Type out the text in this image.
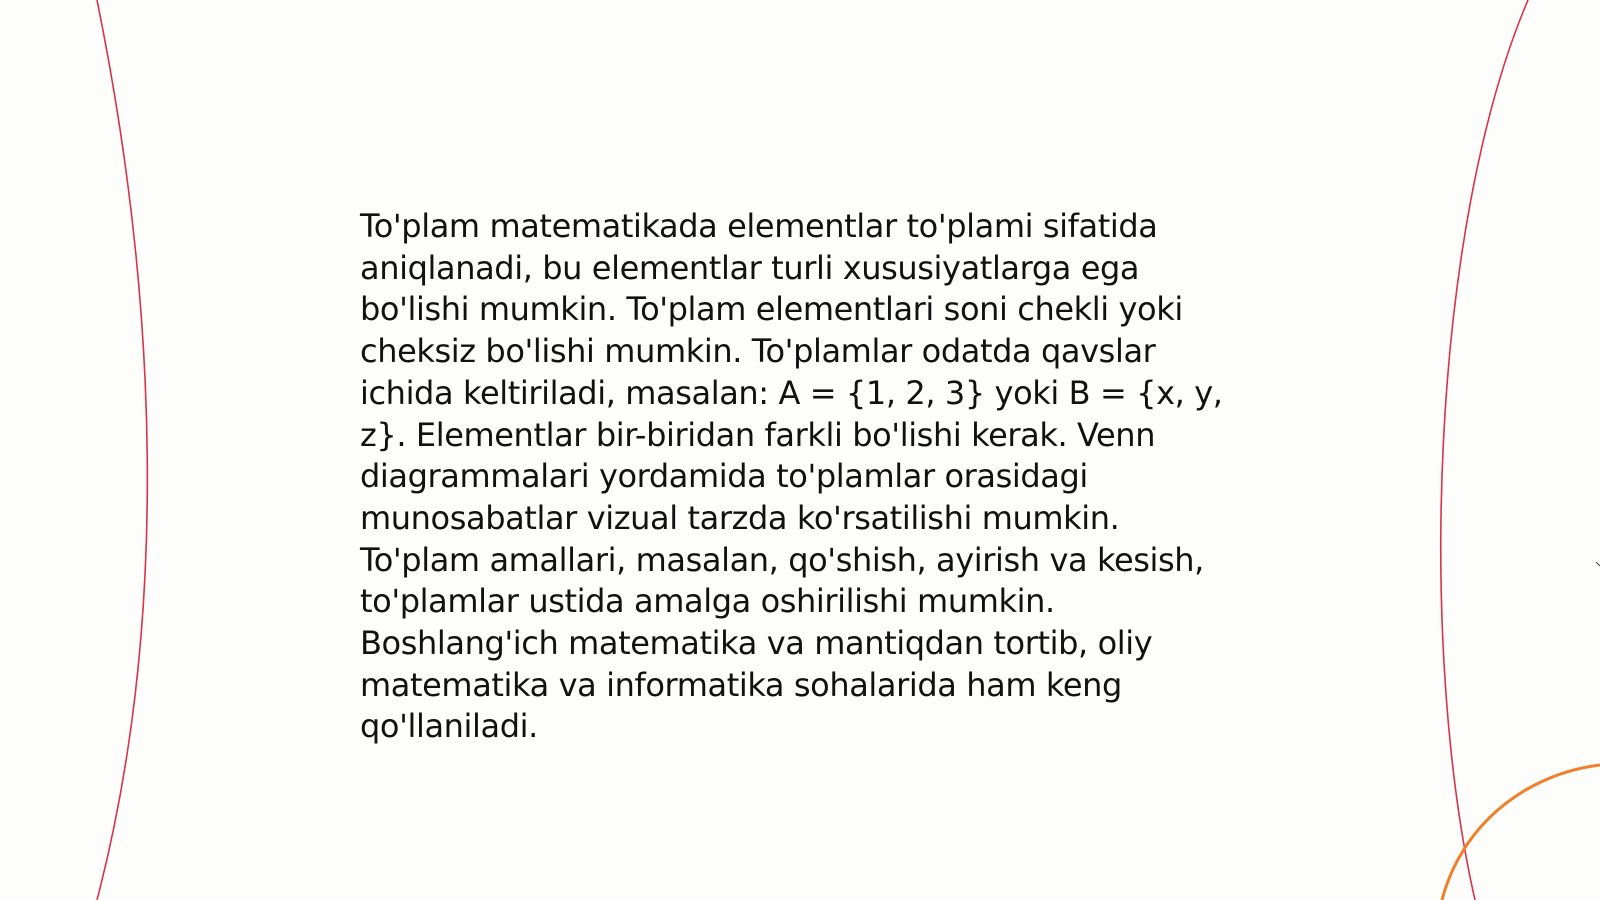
To'plam matematikada elementlar to'plami sifatida
aniqlanadi, bu elementlar turli xususiyatlarga ega
bo'lishi mumkin. To'plam elementlari soni chekli yoki
cheksiz bo'lishi mumkin. To'plamlar odatda qavslar
ichida keltiriladi, masalan: A = {1, 2, 3} yoki B = {x, y,
z}. Elementlar bir-biridan farkli bo'lishi kerak. Venn
diagrammalari yordamida to'plamlar orasidagi
munosabatlar vizual tarzda ko'rsatilishi mumkin.
To'plam amallari, masalan, qo'shish, ayirish va kesish,
to'plamlar ustida amalga oshirilishi mumkin.
Boshlang'ich matematika va mantiqdan tortib, oliy
matematika va informatika sohalarida ham keng
qo'llaniladi.
